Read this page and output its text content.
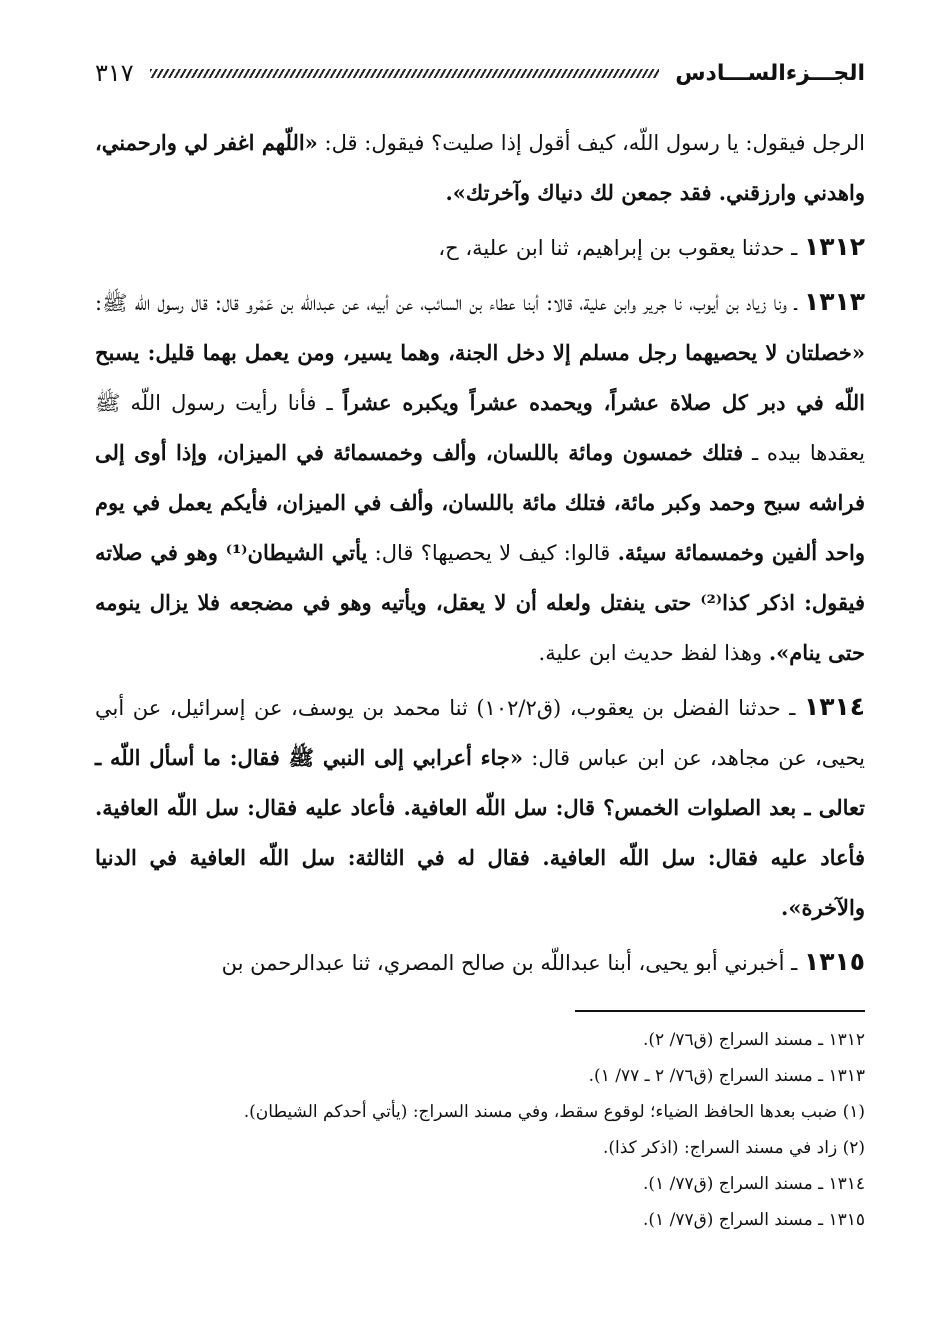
الجـــزءالســـادس
٣١٧

الرجل فيقول: يا رسول اللّه، كيف أقول إذا صليت؟ فيقول: قل: «اللّهم اغفر لي وارحمني، واهدني وارزقني. فقد جمعن لك دنياك وآخرتك».

١٣١٢ ـ حدثنا يعقوب بن إبراهيم، ثنا ابن علية، ح،

١٣١٣ ـ ونا زياد بن أيوب، نا جرير وابن علية، قالا: أبنا عطاء بن السائب، عن أبيه، عن عبداللّه بن عَمْرو قال: قال رسول اللّه ﷺ: «خصلتان لا يحصيهما رجل مسلم إلا دخل الجنة، وهما يسير، ومن يعمل بهما قليل: يسبح اللّه في دبر كل صلاة عشراً، ويحمده عشراً ويكبره عشراً ـ فأنا رأيت رسول اللّه ﷺ يعقدها بيده ـ فتلك خمسون ومائة باللسان، وألف وخمسمائة في الميزان، وإذا أوى إلى فراشه سبح وحمد وكبر مائة، فتلك مائة باللسان، وألف في الميزان، فأيكم يعمل في يوم واحد ألفين وخمسمائة سيئة. قالوا: كيف لا يحصيها؟ قال: يأتي الشيطان⁽¹⁾ وهو في صلاته فيقول: اذكر كذا⁽²⁾ حتى ينفتل ولعله أن لا يعقل، ويأتيه وهو في مضجعه فلا يزال ينومه حتى ينام». وهذا لفظ حديث ابن علية.

١٣١٤ ـ حدثنا الفضل بن يعقوب، (ق١٠٢/٢) ثنا محمد بن يوسف، عن إسرائيل، عن أبي يحيى، عن مجاهد، عن ابن عباس قال: «جاء أعرابي إلى النبي ﷺ فقال: ما أسأل اللّه ـ تعالى ـ بعد الصلوات الخمس؟ قال: سل اللّه العافية. فأعاد عليه فقال: سل اللّه العافية. فأعاد عليه فقال: سل اللّه العافية. فقال له في الثالثة: سل اللّه العافية في الدنيا والآخرة».

١٣١٥ ـ أخبرني أبو يحيى، أبنا عبداللّه بن صالح المصري، ثنا عبدالرحمن بن

١٣١٢ ـ مسند السراج (ق٧٦/ ٢).

١٣١٣ ـ مسند السراج (ق٧٦/ ٢ ـ ٧٧/ ١).

(١) ضبب بعدها الحافظ الضياء؛ لوقوع سقط، وفي مسند السراج: (يأتي أحدكم الشيطان).

(٢) زاد في مسند السراج: (اذكر كذا).

١٣١٤ ـ مسند السراج (ق٧٧/ ١).

١٣١٥ ـ مسند السراج (ق٧٧/ ١).
